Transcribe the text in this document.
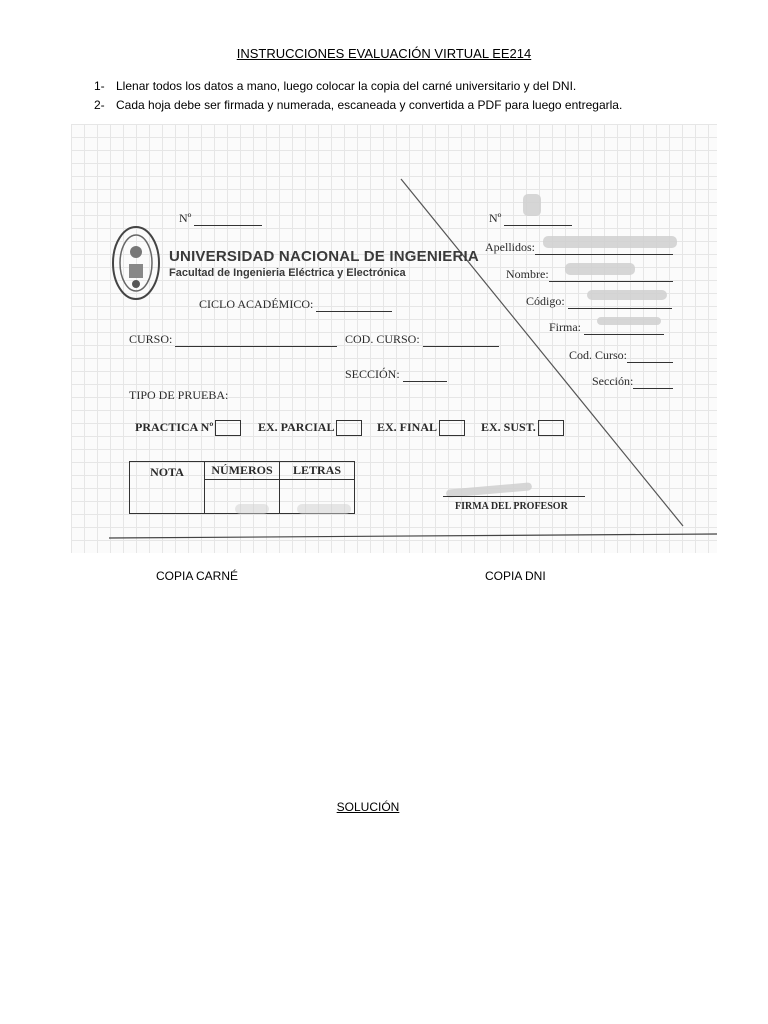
INSTRUCCIONES EVALUACIÓN VIRTUAL EE214
1- Llenar todos los datos a mano, luego colocar la copia del carné universitario y del DNI.
2- Cada hoja debe ser firmada y numerada, escaneada y convertida a PDF para luego entregarla.
Nº
UNIVERSIDAD NACIONAL DE INGENIERIA
Facultad de Ingenieria Eléctrica y Electrónica
CICLO ACADÉMICO:
CURSO:	COD. CURSO:
SECCIÓN:
TIPO DE PRUEBA:
PRACTICA Nº	EX. PARCIAL	EX. FINAL	EX. SUST.
NOTA	NÚMEROS	LETRAS

FIRMA DEL PROFESOR
Nº
Apellidos:
Nombre:
Código:
Firma:
Cod. Curso:
Sección:
COPIA CARNÉ	COPIA DNI
SOLUCIÓN
